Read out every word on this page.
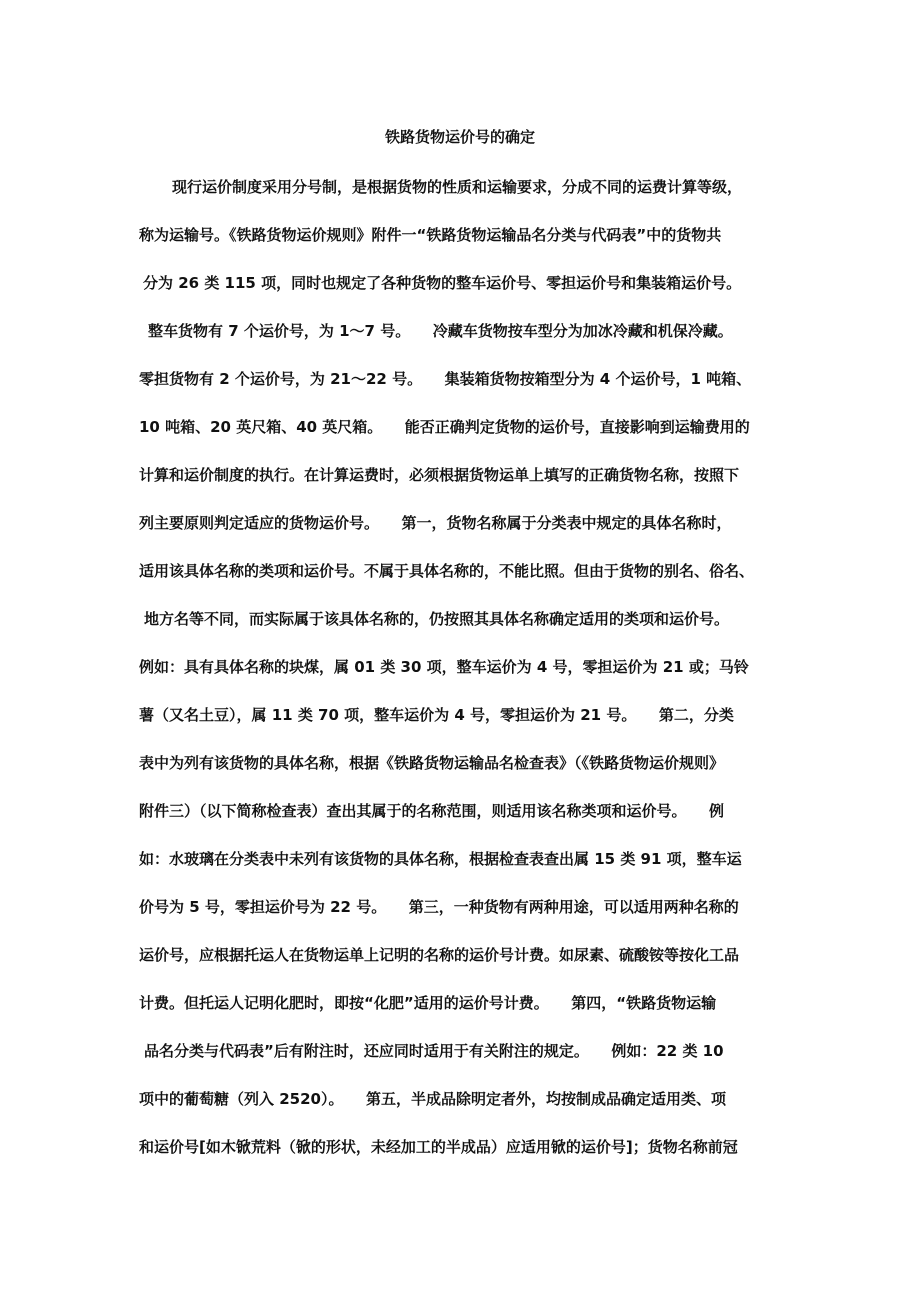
铁路货物运价号的确定
现行运价制度采用分号制，是根据货物的性质和运输要求，分成不同的运费计算等级，
称为运输号。《铁路货物运价规则》附件一“铁路货物运输品名分类与代码表”中的货物共
分为 26 类 115 项，同时也规定了各种货物的整车运价号、零担运价号和集装箱运价号。
整车货物有 7 个运价号，为 1～7 号。　　冷藏车货物按车型分为加冰冷藏和机保冷藏。
零担货物有 2 个运价号，为 21～22 号。　　集装箱货物按箱型分为 4 个运价号，1 吨箱、
10 吨箱、20 英尺箱、40 英尺箱。　　能否正确判定货物的运价号，直接影响到运输费用的
计算和运价制度的执行。在计算运费时，必须根据货物运单上填写的正确货物名称，按照下
列主要原则判定适应的货物运价号。　　第一，货物名称属于分类表中规定的具体名称时，
适用该具体名称的类项和运价号。不属于具体名称的，不能比照。但由于货物的别名、俗名、
地方名等不同，而实际属于该具体名称的，仍按照其具体名称确定适用的类项和运价号。
例如：具有具体名称的块煤，属 01 类 30 项，整车运价为 4 号，零担运价为 21 或；马铃
薯（又名土豆），属 11 类 70 项，整车运价为 4 号，零担运价为 21 号。　　第二，分类
表中为列有该货物的具体名称，根据《铁路货物运输品名检查表》（《铁路货物运价规则》
附件三）（以下简称检查表）查出其属于的名称范围，则适用该名称类项和运价号。　　例
如：水玻璃在分类表中未列有该货物的具体名称，根据检查表查出属 15 类 91 项，整车运
价号为 5 号，零担运价号为 22 号。　　第三，一种货物有两种用途，可以适用两种名称的
运价号，应根据托运人在货物运单上记明的名称的运价号计费。如尿素、硫酸铵等按化工品
计费。但托运人记明化肥时，即按“化肥”适用的运价号计费。　　第四，“铁路货物运输
品名分类与代码表”后有附注时，还应同时适用于有关附注的规定。　　例如：22 类 10
项中的葡萄糖（列入 2520）。　　第五，半成品除明定者外，均按制成品确定适用类、项
和运价号[如木锨荒料（锨的形状，未经加工的半成品）应适用锨的运价号]；货物名称前冠
